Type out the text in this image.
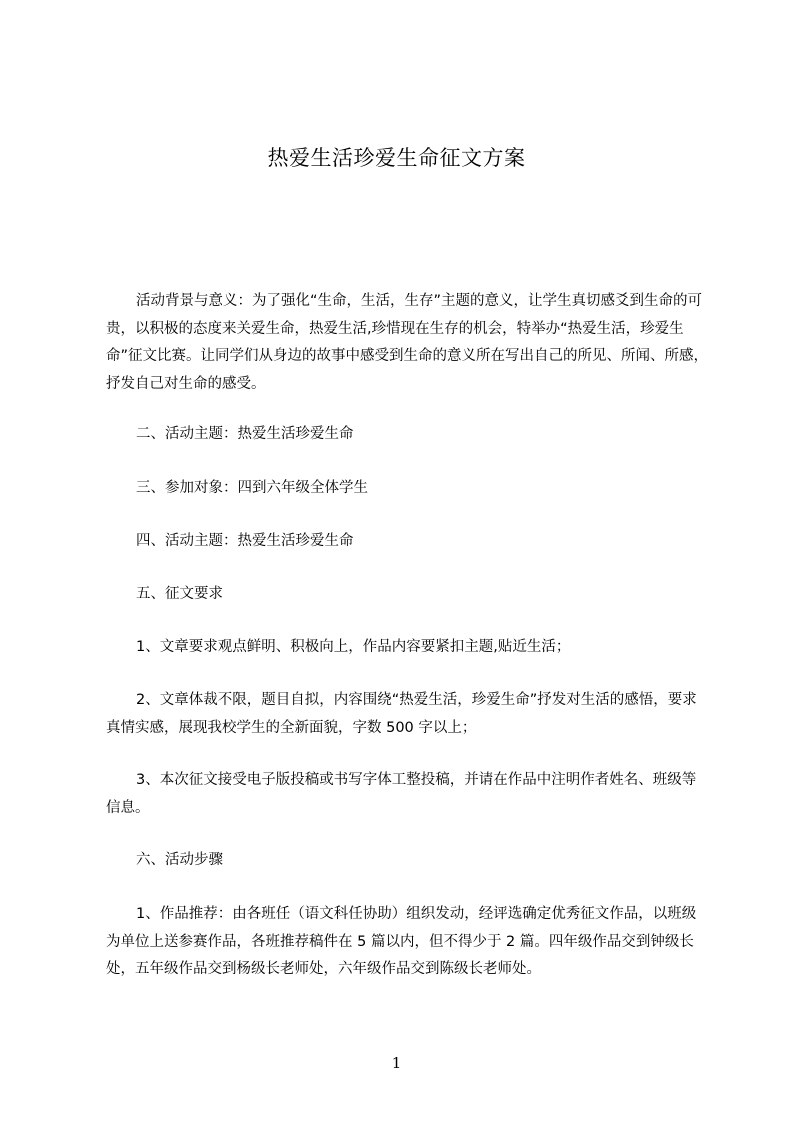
热爱生活珍爱生命征文方案

活动背景与意义：为了强化“生命，生活，生存”主题的意义，让学生真切感爻到生命的可贵，以积极的态度来关爱生命，热爱生活,珍惜现在生存的机会，特举办“热爱生活，珍爱生命”征文比赛。让同学们从身边的故事中感受到生命的意义所在写出自己的所见、所闻、所感，抒发自己对生命的感受。

二、活动主题：热爱生活珍爱生命

三、参加对象：四到六年级全体学生

四、活动主题：热爱生活珍爱生命

五、征文要求

1、文章要求观点鲜明、积极向上，作品内容要紧扣主题,贴近生活；

2、文章体裁不限，题目自拟，内容围绕“热爱生活，珍爱生命”抒发对生活的感悟，要求真情实感，展现我校学生的全新面貌，字数 500 字以上；

3、本次征文接受电子版投稿或书写字体工整投稿，并请在作品中注明作者姓名、班级等信息。

六、活动步骤

1、作品推荐：由各班任（语文科任协助）组织发动，经评选确定优秀征文作品，以班级为单位上送参赛作品，各班推荐稿件在 5 篇以内，但不得少于 2 篇。四年级作品交到钟级长处，五年级作品交到杨级长老师处，六年级作品交到陈级长老师处。

1
